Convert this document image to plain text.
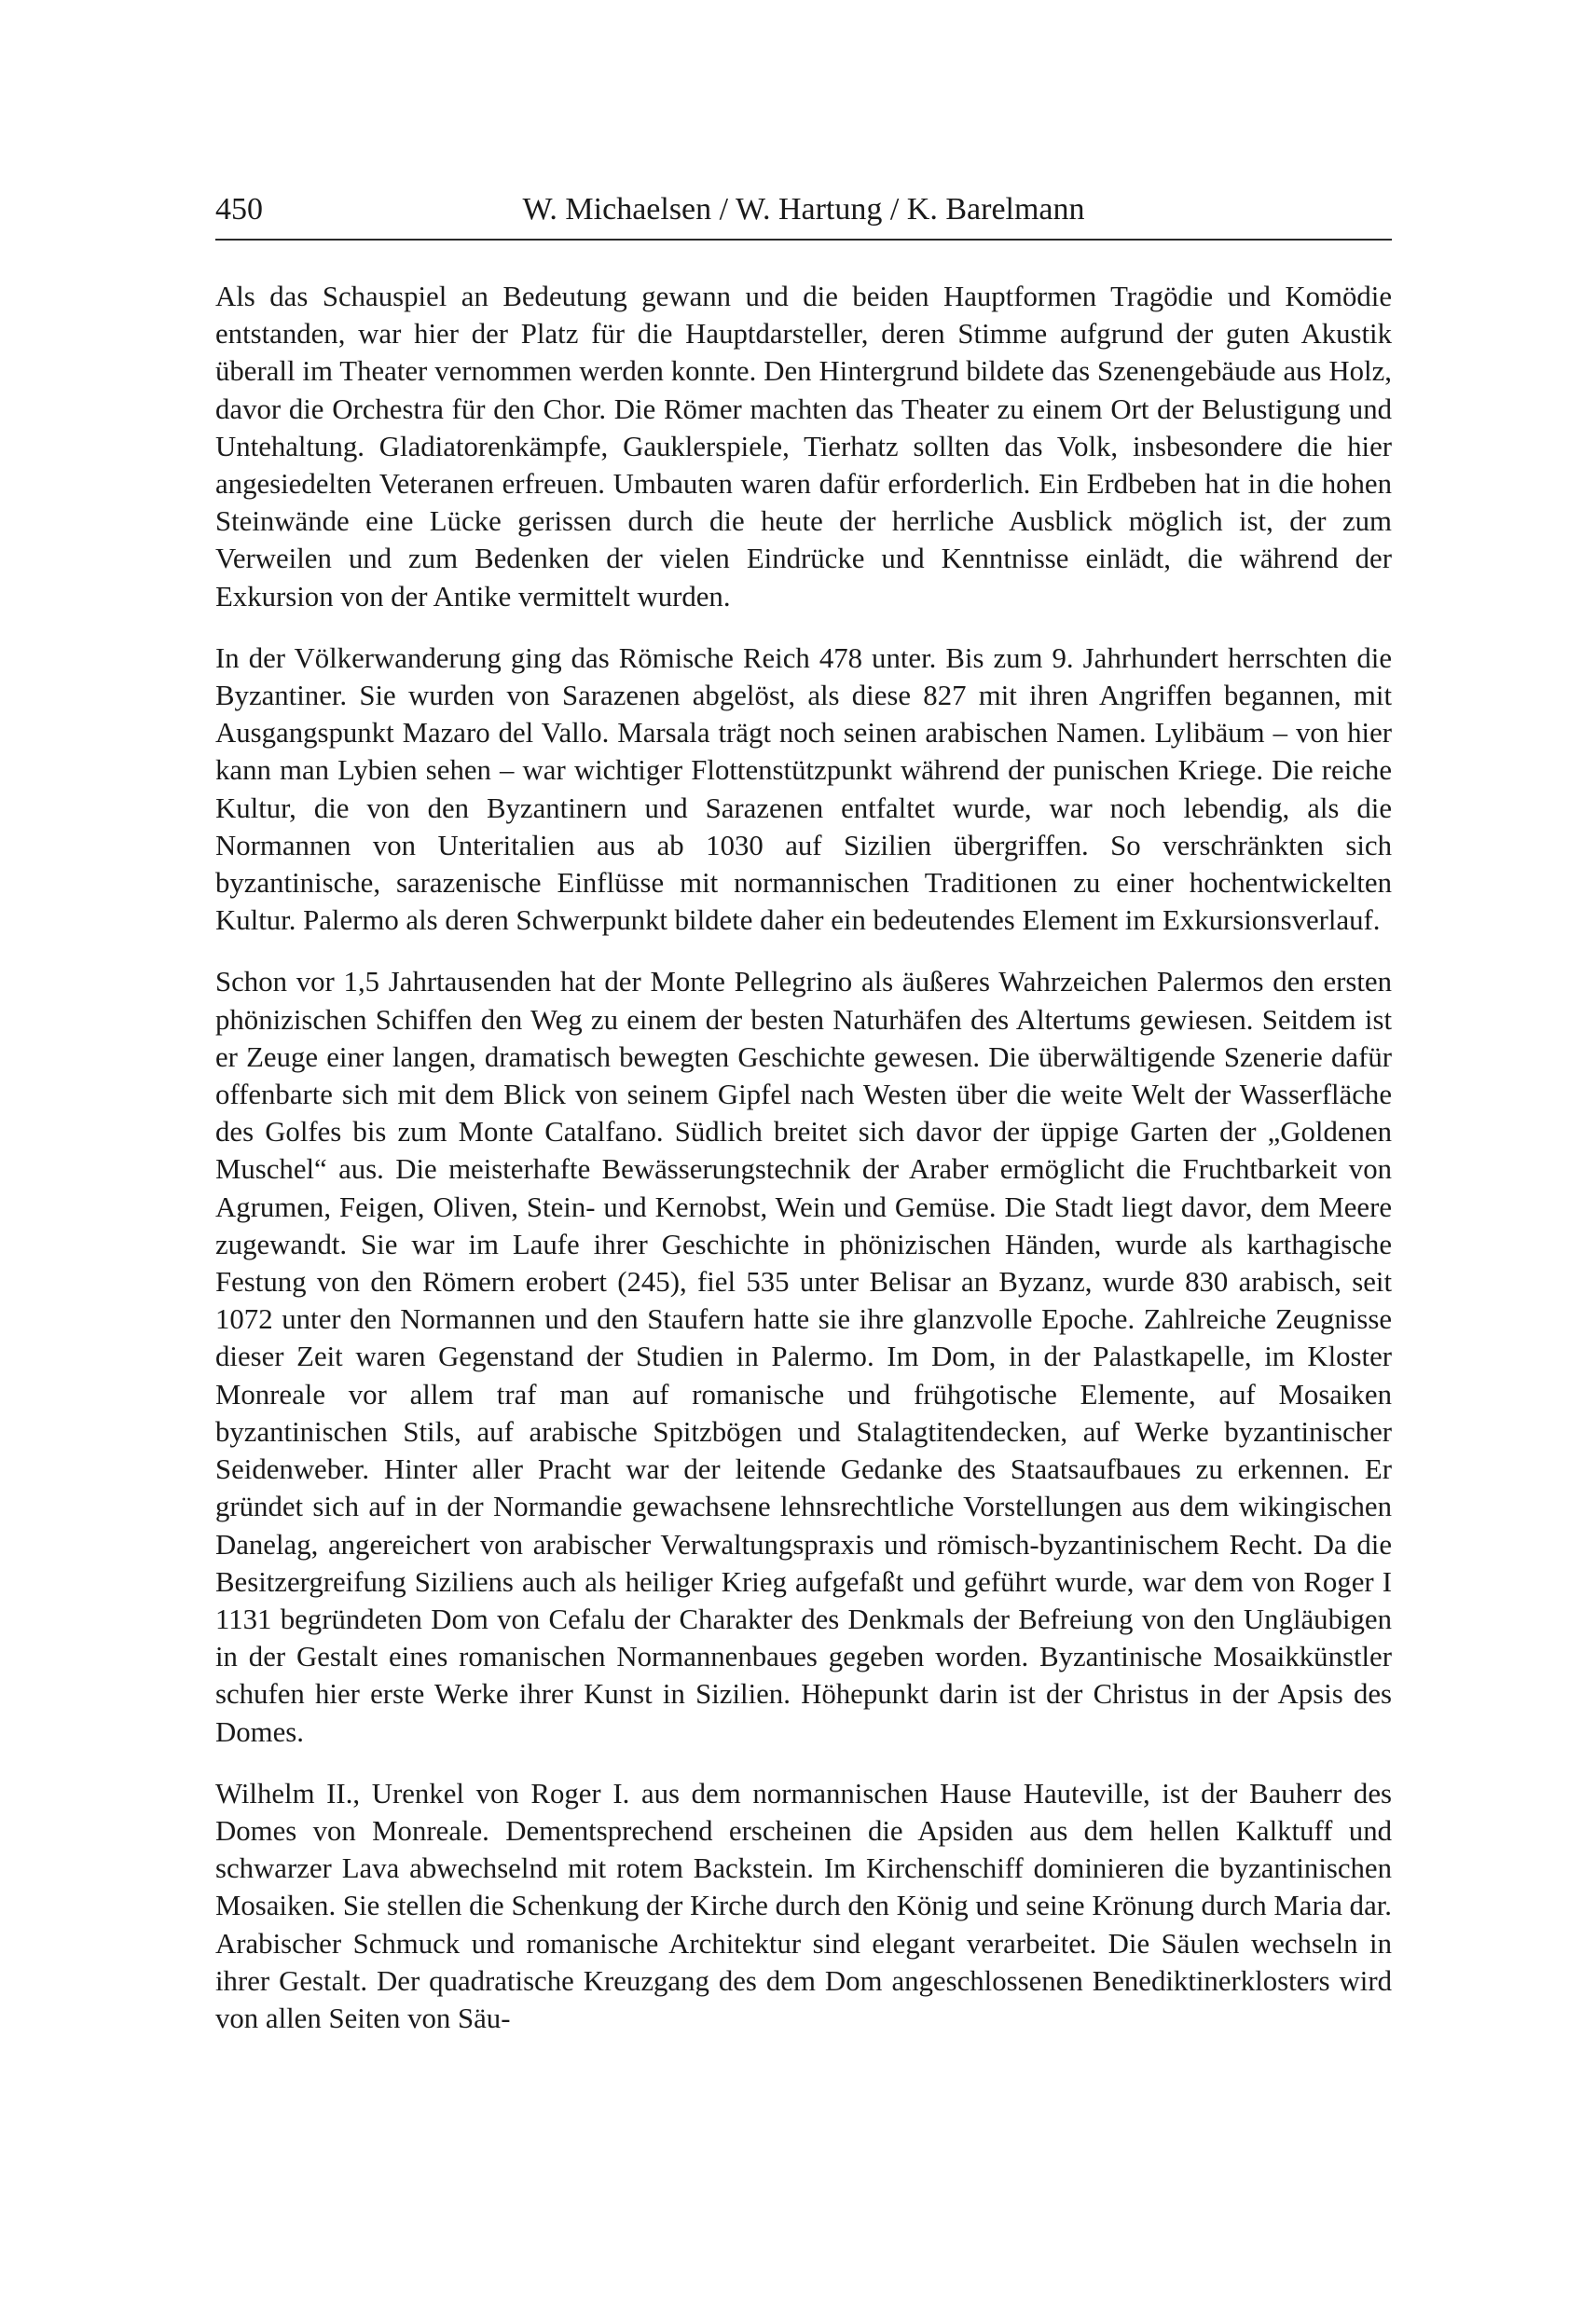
450	W. Michaelsen / W. Hartung / K. Barelmann

Als das Schauspiel an Bedeutung gewann und die beiden Hauptformen Tragödie und Komödie entstanden, war hier der Platz für die Hauptdarsteller, deren Stimme aufgrund der guten Akustik überall im Theater vernommen werden konnte. Den Hintergrund bildete das Szenengebäude aus Holz, davor die Orchestra für den Chor. Die Römer machten das Theater zu einem Ort der Belustigung und Untehaltung. Gladiatorenkämpfe, Gauklerspiele, Tierhatz sollten das Volk, insbesondere die hier angesiedelten Veteranen erfreuen. Umbauten waren dafür erforderlich. Ein Erdbeben hat in die hohen Steinwände eine Lücke gerissen durch die heute der herrliche Ausblick möglich ist, der zum Verweilen und zum Bedenken der vielen Eindrücke und Kenntnisse einlädt, die während der Exkursion von der Antike vermittelt wurden.

In der Völkerwanderung ging das Römische Reich 478 unter. Bis zum 9. Jahrhundert herrschten die Byzantiner. Sie wurden von Sarazenen abgelöst, als diese 827 mit ihren Angriffen begannen, mit Ausgangspunkt Mazaro del Vallo. Marsala trägt noch seinen arabischen Namen. Lylibäum – von hier kann man Lybien sehen – war wichtiger Flottenstützpunkt während der punischen Kriege. Die reiche Kultur, die von den Byzantinern und Sarazenen entfaltet wurde, war noch lebendig, als die Normannen von Unteritalien aus ab 1030 auf Sizilien übergriffen. So verschränkten sich byzantinische, sarazenische Einflüsse mit normannischen Traditionen zu einer hochentwickelten Kultur. Palermo als deren Schwerpunkt bildete daher ein bedeutendes Element im Exkursionsverlauf.

Schon vor 1,5 Jahrtausenden hat der Monte Pellegrino als äußeres Wahrzeichen Palermos den ersten phönizischen Schiffen den Weg zu einem der besten Naturhäfen des Altertums gewiesen. Seitdem ist er Zeuge einer langen, dramatisch bewegten Geschichte gewesen. Die überwältigende Szenerie dafür offenbarte sich mit dem Blick von seinem Gipfel nach Westen über die weite Welt der Wasserfläche des Golfes bis zum Monte Catalfano. Südlich breitet sich davor der üppige Garten der „Goldenen Muschel“ aus. Die meisterhafte Bewässerungstechnik der Araber ermöglicht die Fruchtbarkeit von Agrumen, Feigen, Oliven, Stein- und Kernobst, Wein und Gemüse. Die Stadt liegt davor, dem Meere zugewandt. Sie war im Laufe ihrer Geschichte in phönizischen Händen, wurde als karthagische Festung von den Römern erobert (245), fiel 535 unter Belisar an Byzanz, wurde 830 arabisch, seit 1072 unter den Normannen und den Staufern hatte sie ihre glanzvolle Epoche. Zahlreiche Zeugnisse dieser Zeit waren Gegenstand der Studien in Palermo. Im Dom, in der Palastkapelle, im Kloster Monreale vor allem traf man auf romanische und frühgotische Elemente, auf Mosaiken byzantinischen Stils, auf arabische Spitzbögen und Stalagtitendecken, auf Werke byzantinischer Seidenweber. Hinter aller Pracht war der leitende Gedanke des Staatsaufbaues zu erkennen. Er gründet sich auf in der Normandie gewachsene lehnsrechtliche Vorstellungen aus dem wikingischen Danelag, angereichert von arabischer Verwaltungspraxis und römisch-byzantinischem Recht. Da die Besitzergreifung Siziliens auch als heiliger Krieg aufgefaßt und geführt wurde, war dem von Roger I 1131 begründeten Dom von Cefalu der Charakter des Denkmals der Befreiung von den Ungläubigen in der Gestalt eines romanischen Normannenbaues gegeben worden. Byzantinische Mosaikkünstler schufen hier erste Werke ihrer Kunst in Sizilien. Höhepunkt darin ist der Christus in der Apsis des Domes.

Wilhelm II., Urenkel von Roger I. aus dem normannischen Hause Hauteville, ist der Bauherr des Domes von Monreale. Dementsprechend erscheinen die Apsiden aus dem hellen Kalktuff und schwarzer Lava abwechselnd mit rotem Backstein. Im Kirchenschiff dominieren die byzantinischen Mosaiken. Sie stellen die Schenkung der Kirche durch den König und seine Krönung durch Maria dar. Arabischer Schmuck und romanische Architektur sind elegant verarbeitet. Die Säulen wechseln in ihrer Gestalt. Der quadratische Kreuzgang des dem Dom angeschlossenen Benediktinerklosters wird von allen Seiten von Säu-
